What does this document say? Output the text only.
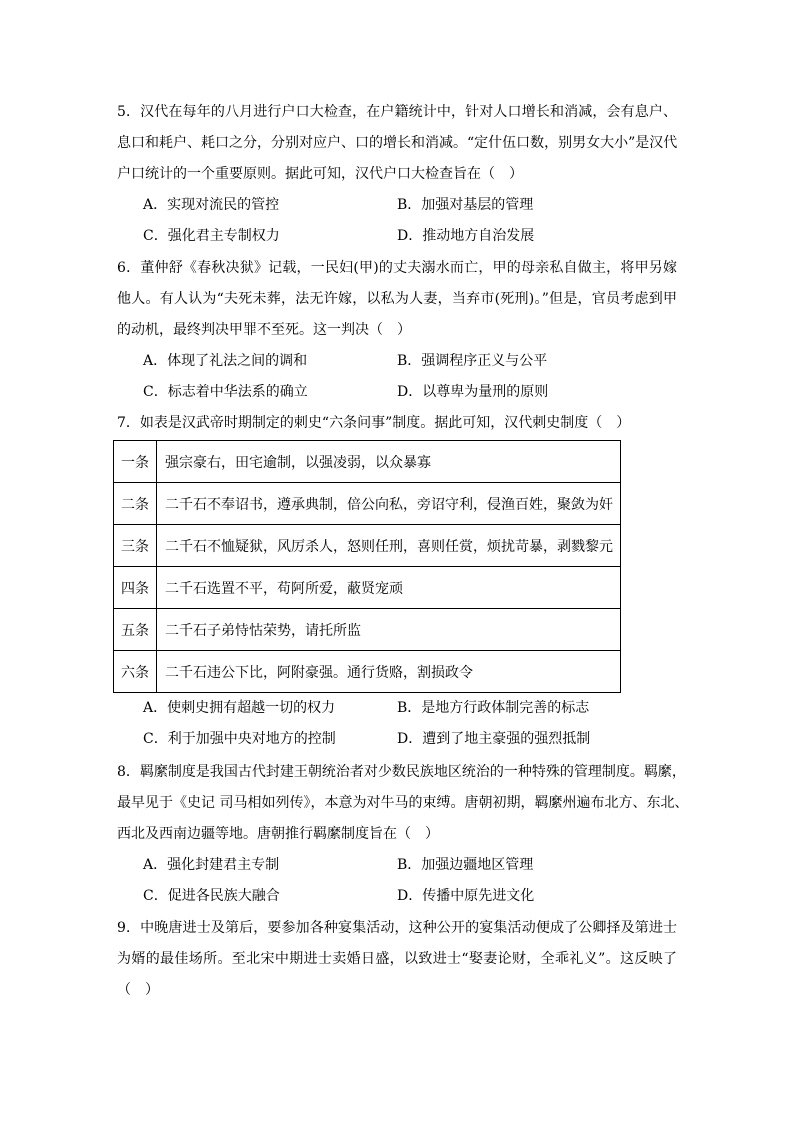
5．汉代在每年的八月进行户口大检查，在户籍统计中，针对人口增长和消减，会有息户、
息口和耗户、耗口之分，分别对应户、口的增长和消减。“定什伍口数，别男女大小”是汉代
户口统计的一个重要原则。据此可知，汉代户口大检查旨在（　）
A．实现对流民的管控	B．加强对基层的管理
C．强化君主专制权力	D．推动地方自治发展
6．董仲舒《春秋决狱》记载，一民妇(甲)的丈夫溺水而亡，甲的母亲私自做主，将甲另嫁
他人。有人认为“夫死未葬，法无许嫁，以私为人妻，当弃市(死刑)。”但是，官员考虑到甲
的动机，最终判决甲罪不至死。这一判决（　）
A．体现了礼法之间的调和	B．强调程序正义与公平
C．标志着中华法系的确立	D．以尊卑为量刑的原则
7．如表是汉武帝时期制定的刺史“六条问事”制度。据此可知，汉代刺史制度（　）
一条	强宗豪右，田宅逾制，以强凌弱，以众暴寡
二条	二千石不奉诏书，遵承典制，倍公向私，旁诏守利，侵渔百姓，聚敛为奸
三条	二千石不恤疑狱，风厉杀人，怒则任刑，喜则任赏，烦扰苛暴，剥戮黎元
四条	二千石选置不平，苟阿所爱，蔽贤宠顽
五条	二千石子弟恃怙荣势，请托所监
六条	二千石违公下比，阿附豪强。通行货赂，割损政令
A．使刺史拥有超越一切的权力	B．是地方行政体制完善的标志
C．利于加强中央对地方的控制	D．遭到了地主豪强的强烈抵制
8．羁縻制度是我国古代封建王朝统治者对少数民族地区统治的一种特殊的管理制度。羁縻，
最早见于《史记 司马相如列传》，本意为对牛马的束缚。唐朝初期，羁縻州遍布北方、东北、
西北及西南边疆等地。唐朝推行羁縻制度旨在（　）
A．强化封建君主专制	B．加强边疆地区管理
C．促进各民族大融合	D．传播中原先进文化
9．中晚唐进士及第后，要参加各种宴集活动，这种公开的宴集活动便成了公卿择及第进士
为婿的最佳场所。至北宋中期进士卖婚日盛，以致进士“娶妻论财，全乖礼义”。这反映了
（　）
